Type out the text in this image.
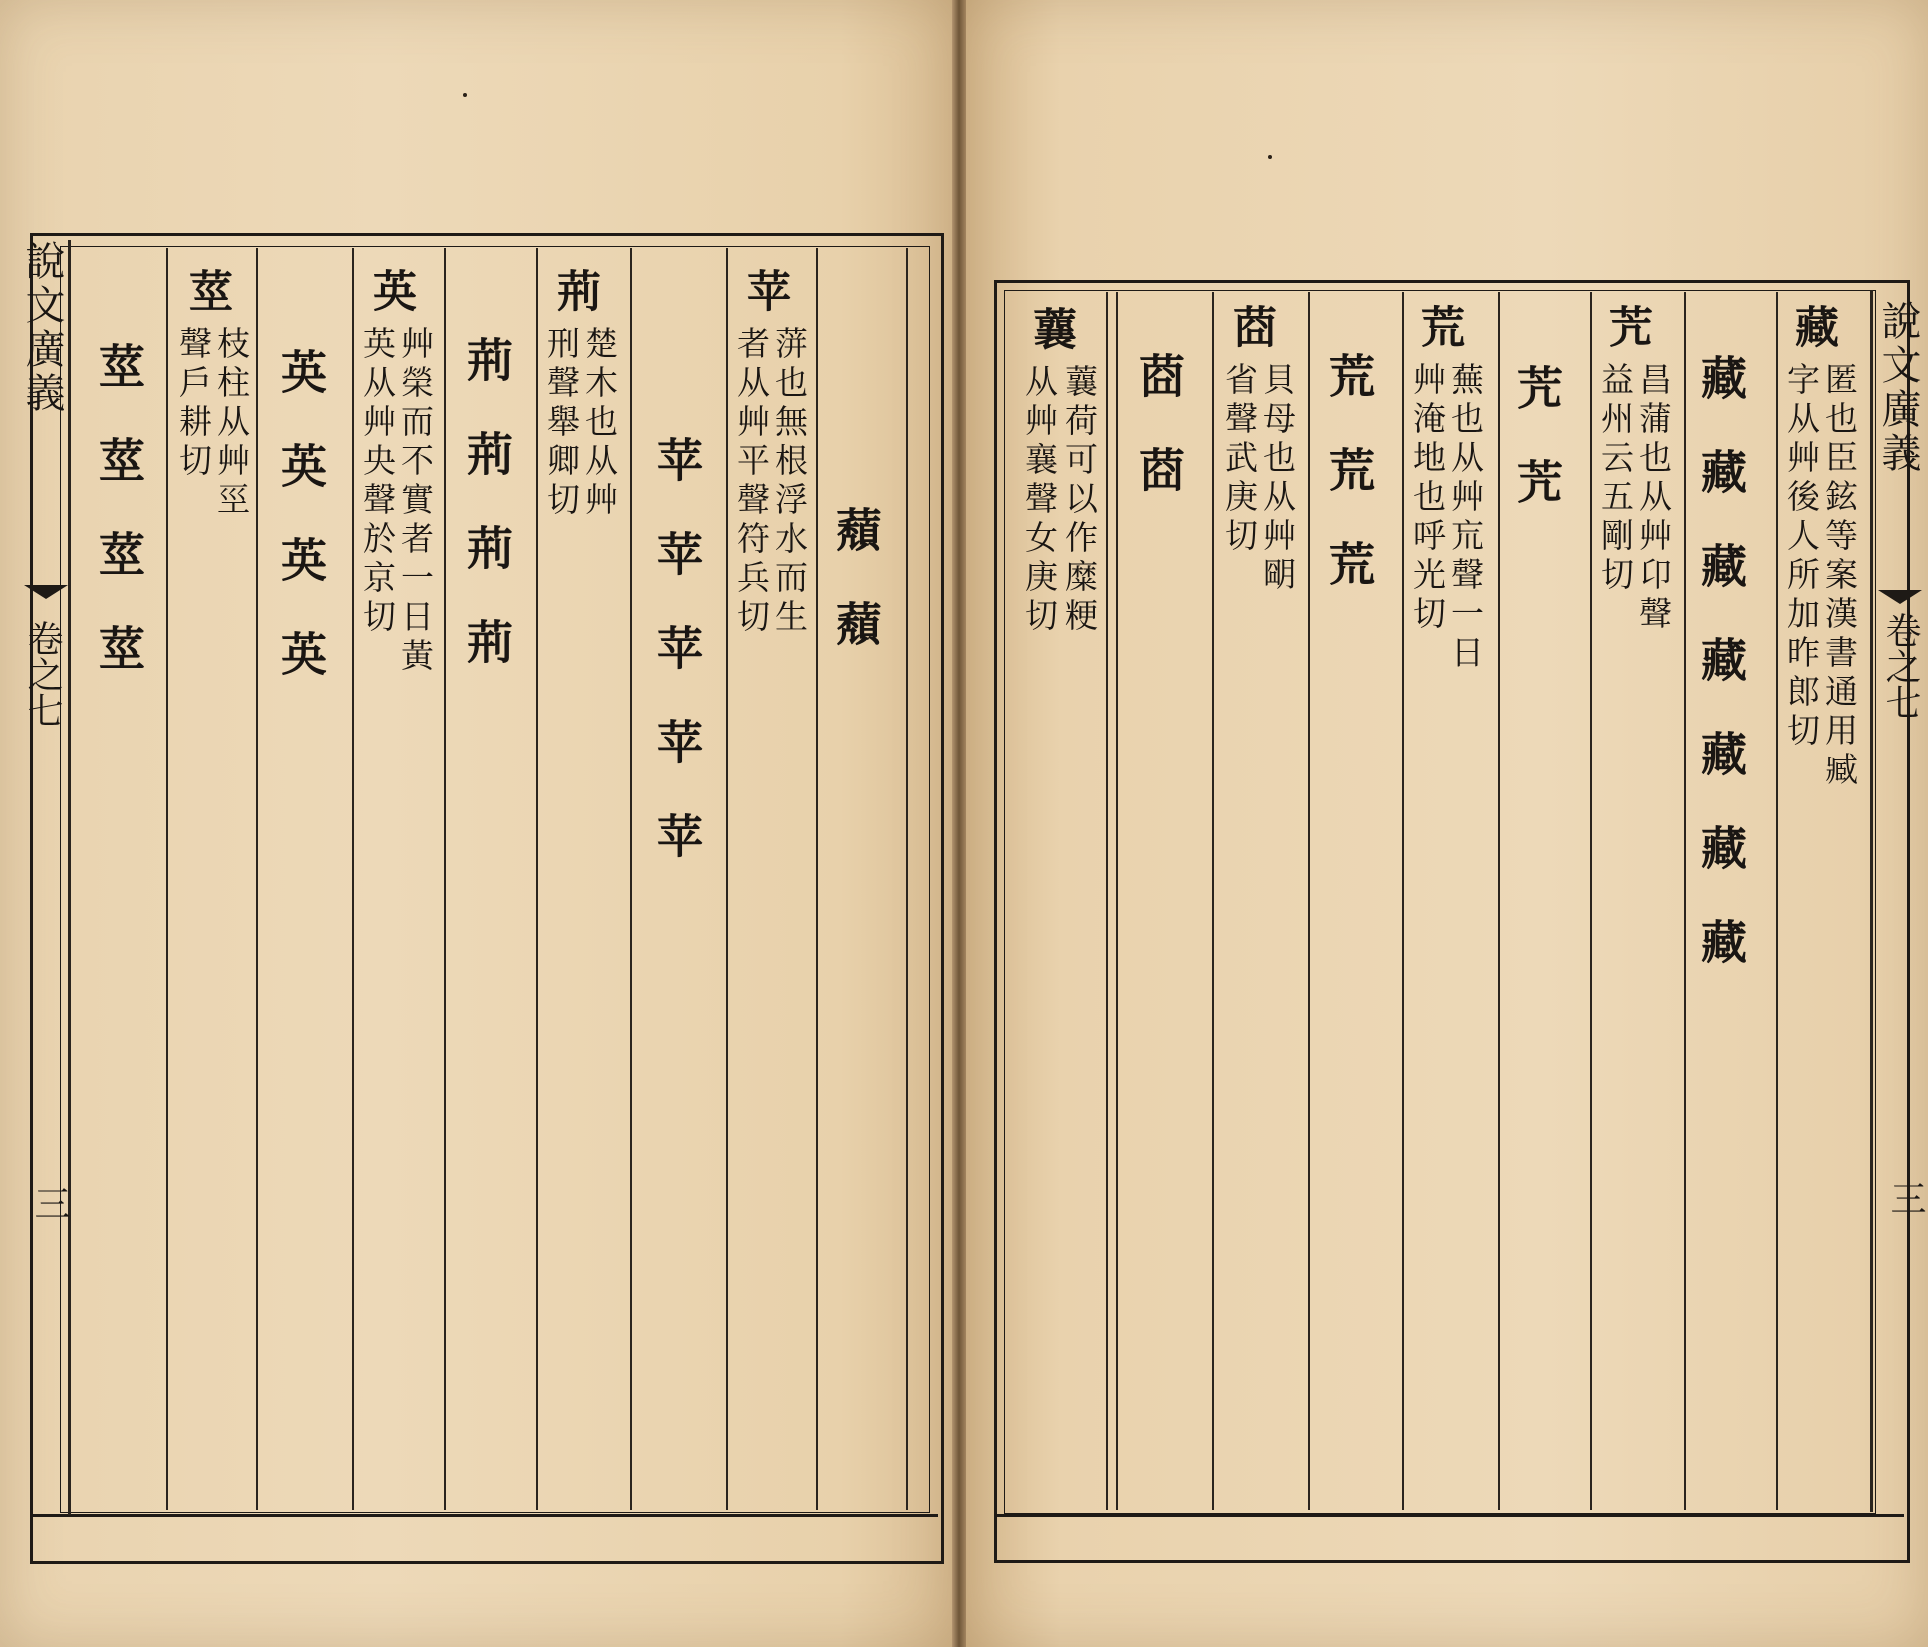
說文廣義
卷之七
三
蘈蘈
苹
蓱也無根浮水而生
者从艸平聲符兵切
苹苹苹苹苹
荊
楚木也从艸
刑聲舉卿切
荊荊荊荊
英
艸榮而不實者一日黃
英从艸央聲於京切
英英英英
莖
枝柱从艸巠
聲戶耕切
莖莖莖莖	說文廣義
卷之七
三
藏
匿也臣鉉等案漢書通用臧
字从艸後人所加昨郎切
藏藏藏藏藏藏藏
苀
昌蒲也从艸卬聲
益州云五剛切
苀苀
荒
蕪也从艸巟聲一日
艸淹地也呼光切
荒荒荒
莔
貝母也从艸朙
省聲武庚切
莔莔
蘘
蘘荷可以作糜粳
从艸襄聲女庚切
